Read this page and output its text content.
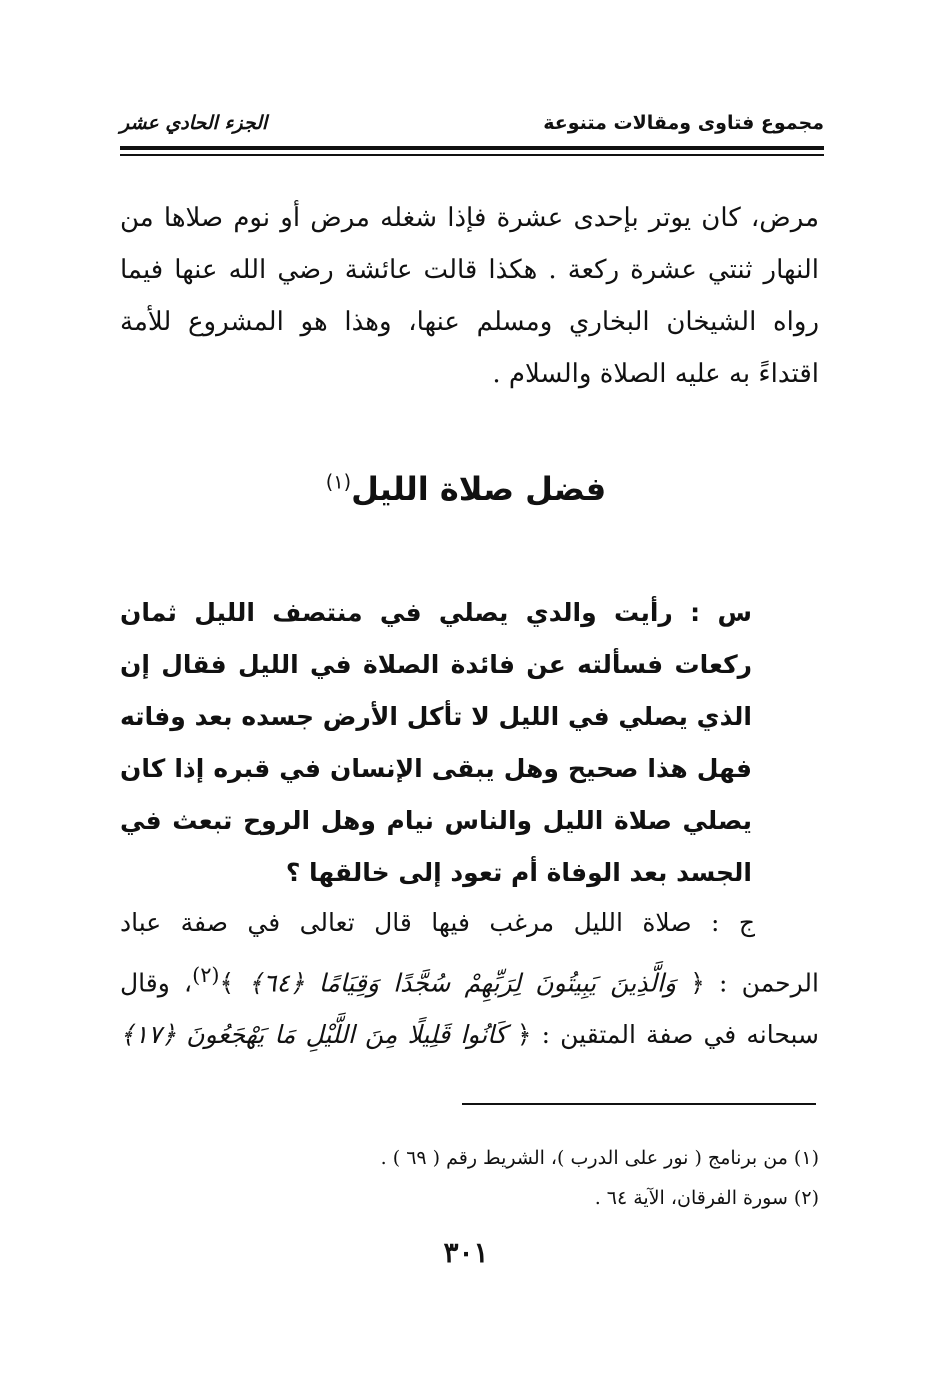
مجموع فتاوى ومقالات متنوعة
الجزء الحادي عشر

مرض، كان يوتر بإحدى عشرة فإذا شغله مرض أو نوم صلاها من النهار ثنتي عشرة ركعة . هكذا قالت عائشة رضي الله عنها فيما رواه الشيخان البخاري ومسلم عنها، وهذا هو المشروع للأمة اقتداءً به عليه الصلاة والسلام .

فضل صلاة الليل$^{(١)}$

س : رأيت والدي يصلي في منتصف الليل ثمان ركعات فسألته عن فائدة الصلاة في الليل فقال إن الذي يصلي في الليل لا تأكل الأرض جسده بعد وفاته فهل هذا صحيح وهل يبقى الإنسان في قبره إذا كان يصلي صلاة الليل والناس نيام وهل الروح تبعث في الجسد بعد الوفاة أم تعود إلى خالقها ؟

ج : صلاة الليل مرغب فيها قال تعالى في صفة عباد
الرحمن : ﴿ وَالَّذِينَ يَبِيتُونَ لِرَبِّهِمْ سُجَّدًا وَقِيَامًا ﴿٦٤﴾ ﴾$^{(٢)}$، وقال
سبحانه في صفة المتقين : ﴿ كَانُوا قَلِيلًا مِنَ اللَّيْلِ مَا يَهْجَعُونَ ﴿١٧﴾
(١) من برنامج ( نور على الدرب )، الشريط رقم ( ٦٩ ) .
(٢) سورة الفرقان، الآية ٦٤ .
٣٠١
